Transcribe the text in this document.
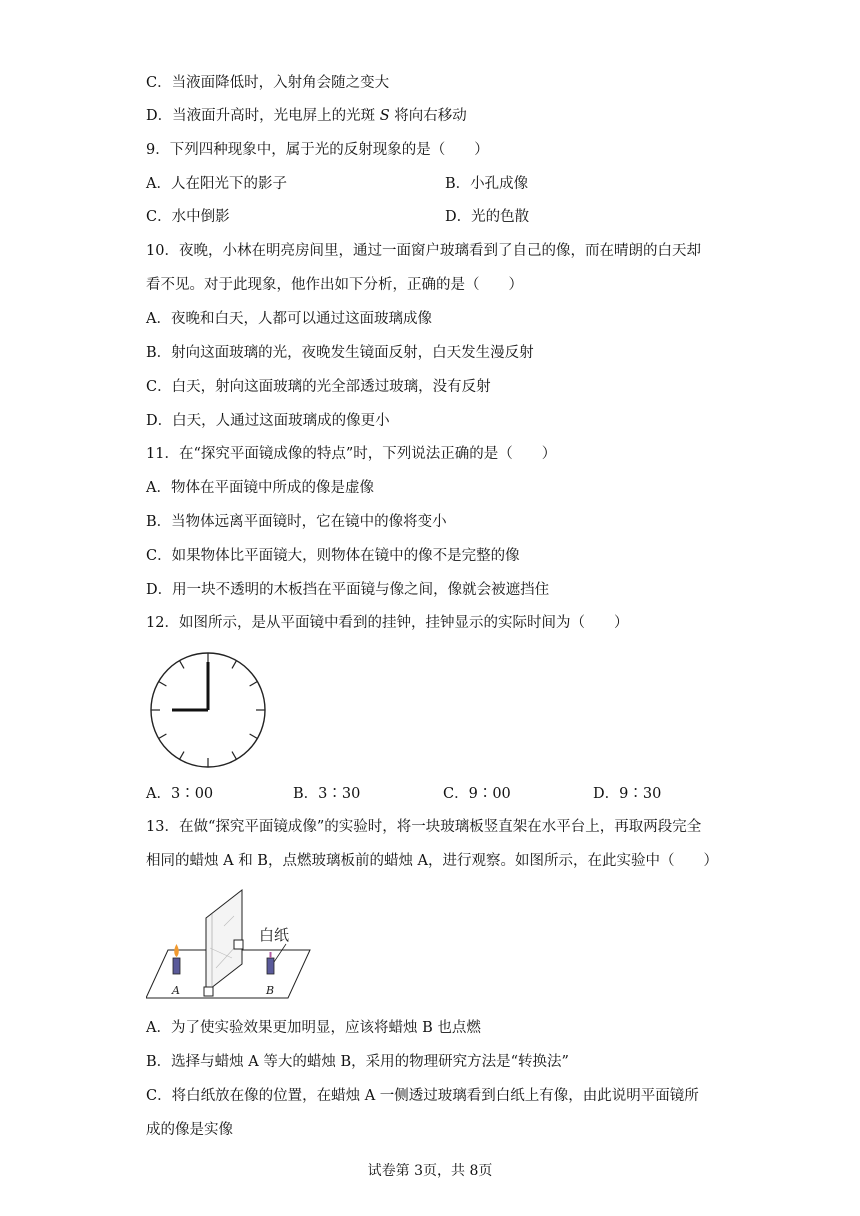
C．当液面降低时，入射角会随之变大
D．当液面升高时，光电屏上的光斑 S 将向右移动
9．下列四种现象中，属于光的反射现象的是（　　）
A．人在阳光下的影子	B．小孔成像
C．水中倒影	D．光的色散
10．夜晚，小林在明亮房间里，通过一面窗户玻璃看到了自己的像，而在晴朗的白天却
看不见。对于此现象，他作出如下分析，正确的是（　　）
A．夜晚和白天，人都可以通过这面玻璃成像
B．射向这面玻璃的光，夜晚发生镜面反射，白天发生漫反射
C．白天，射向这面玻璃的光全部透过玻璃，没有反射
D．白天，人通过这面玻璃成的像更小
11．在“探究平面镜成像的特点”时，下列说法正确的是（　　）
A．物体在平面镜中所成的像是虚像
B．当物体远离平面镜时，它在镜中的像将变小
C．如果物体比平面镜大，则物体在镜中的像不是完整的像
D．用一块不透明的木板挡在平面镜与像之间，像就会被遮挡住
12．如图所示，是从平面镜中看到的挂钟，挂钟显示的实际时间为（　　）
A．3∶00	B．3∶30	C．9∶00	D．9∶30
13．在做“探究平面镜成像”的实验时，将一块玻璃板竖直架在水平台上，再取两段完全
相同的蜡烛 A 和 B，点燃玻璃板前的蜡烛 A，进行观察。如图所示，在此实验中（　　）
白纸
A	B
A．为了使实验效果更加明显，应该将蜡烛 B 也点燃
B．选择与蜡烛 A 等大的蜡烛 B，采用的物理研究方法是“转换法”
C．将白纸放在像的位置，在蜡烛 A 一侧透过玻璃看到白纸上有像，由此说明平面镜所
成的像是实像
试卷第 3页，共 8页
